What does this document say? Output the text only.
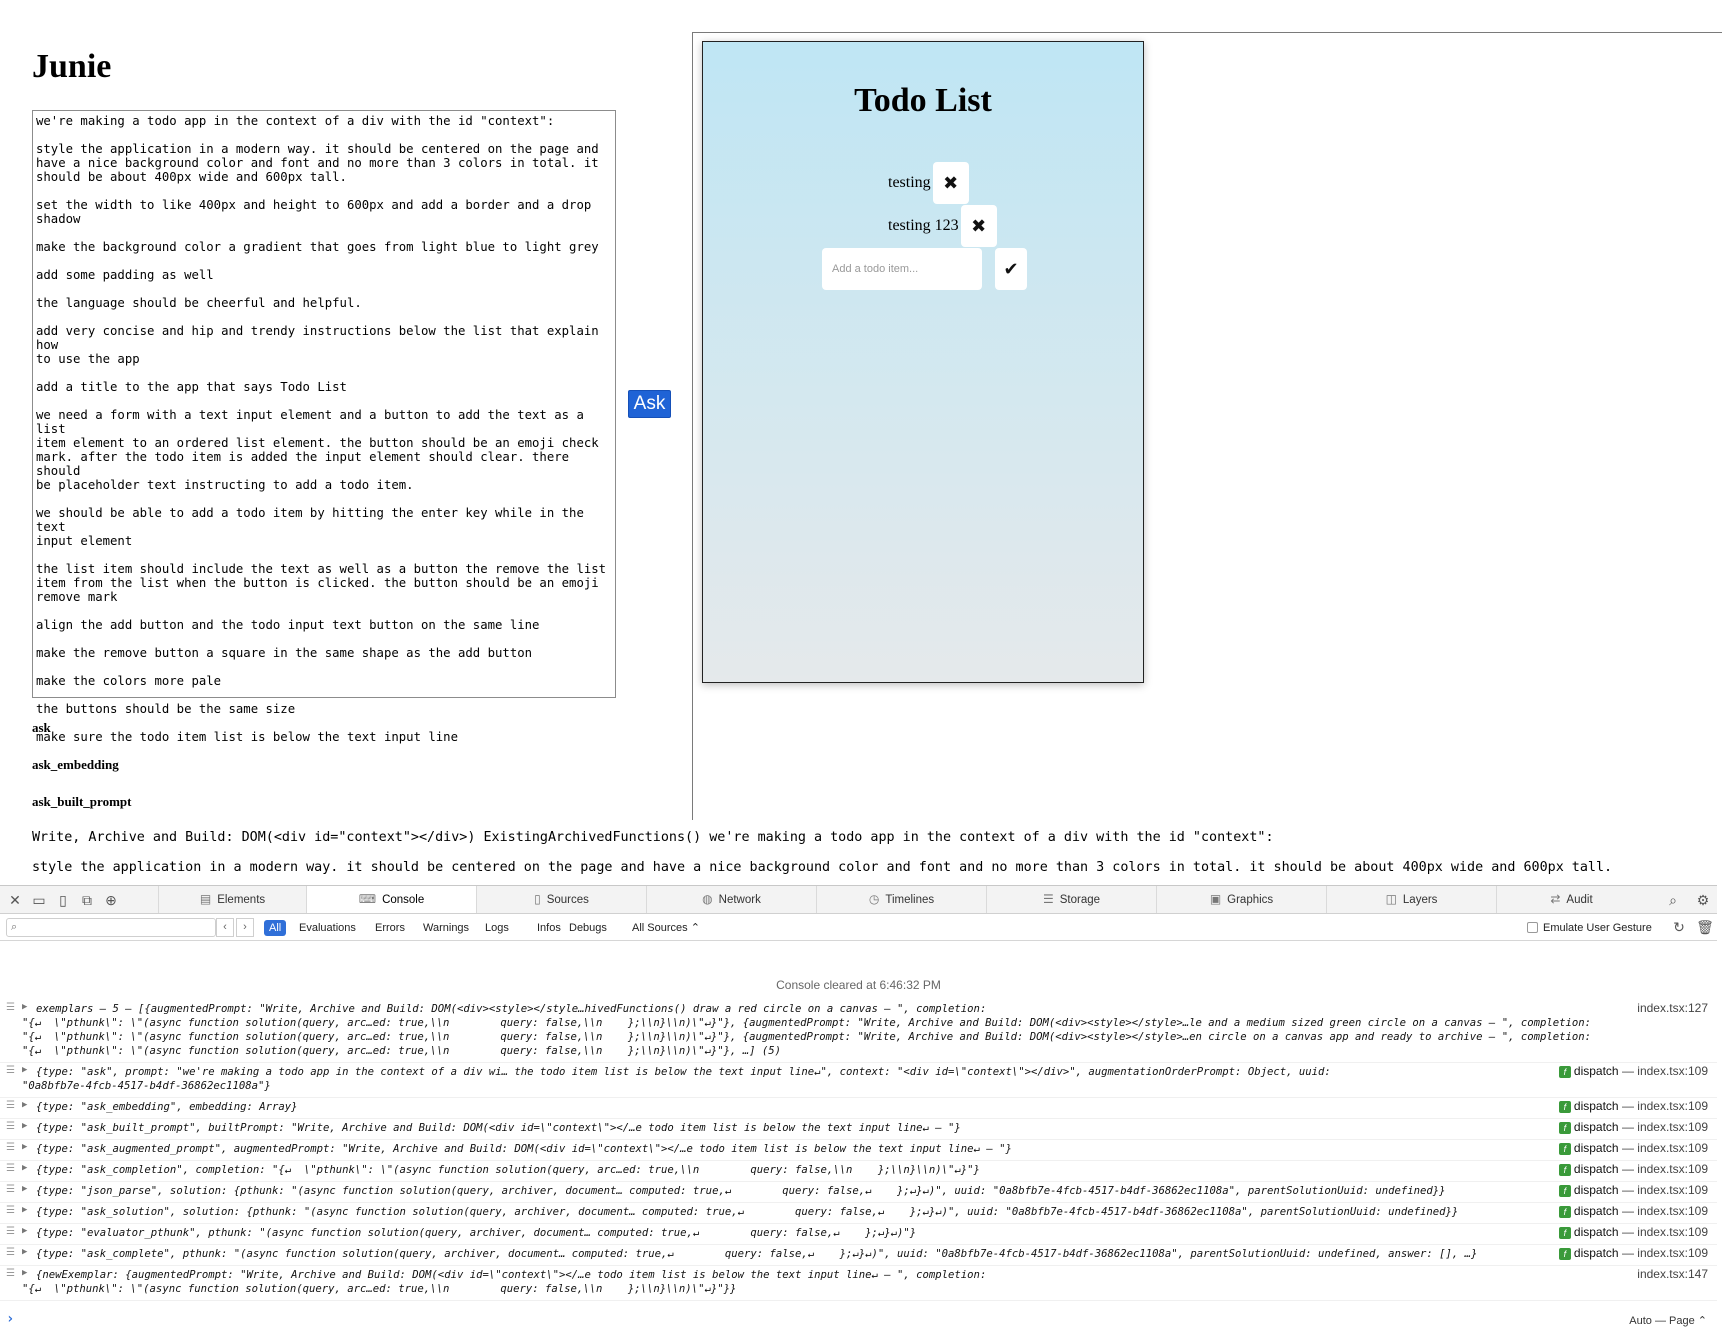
Junie
we're making a todo app in the context of a div with the id "context":

style the application in a modern way. it should be centered on the page and
have a nice background color and font and no more than 3 colors in total. it
should be about 400px wide and 600px tall.

set the width to like 400px and height to 600px and add a border and a drop
shadow

make the background color a gradient that goes from light blue to light grey

add some padding as well

the language should be cheerful and helpful.

add very concise and hip and trendy instructions below the list that explain how
to use the app

add a title to the app that says Todo List

we need a form with a text input element and a button to add the text as a list
item element to an ordered list element. the button should be an emoji check
mark. after the todo item is added the input element should clear. there should
be placeholder text instructing to add a todo item.

we should be able to add a todo item by hitting the enter key while in the text
input element

the list item should include the text as well as a button the remove the list
item from the list when the button is clicked. the button should be an emoji
remove mark

align the add button and the todo input text button on the same line

make the remove button a square in the same shape as the add button

make the colors more pale

the buttons should be the same size

make sure the todo item list is below the text input line
Ask

ask

ask_embedding

ask_built_prompt

Todo List
testing ✖
testing 123 ✖
Add a todo item...	✔

Write, Archive and Build: DOM(<div id="context"></div>) ExistingArchivedFunctions() we're making a todo app in the context of a div with the id "context":

style the application in a modern way. it should be centered on the page and have a nice background color and font and no more than 3 colors in total. it should be about 400px wide and 600px tall.

✕ ▭ ▯	⧉ ⊕	▤ Elements	⌨ Console	▯ Sources	◍ Network	◷ Timelines	☰ Storage	▣ Graphics	◫ Layers	⇄ Audit	⌕	⚙
⌕	‹	›	All	Evaluations	Errors	Warnings	Logs	Infos Debugs	All Sources ⌃	Emulate User Gesture ↻ 🗑
Console cleared at 6:46:32 PM
☰ ▶ exemplars – 5 – [{augmentedPrompt: "Write, Archive and Build: DOM(<div><style></style…hivedFunctions() draw a red circle on a canvas – ", completion:
"{↵  \"pthunk\": \"(async function solution(query, arc…ed: true,\\n        query: false,\\n    };\\n}\\n)\"↵}"}, {augmentedPrompt: "Write, Archive and Build: DOM(<div><style></style>…le and a medium sized green circle on a canvas – ", completion:
"{↵  \"pthunk\": \"(async function solution(query, arc…ed: true,\\n        query: false,\\n    };\\n}\\n)\"↵}"}, {augmentedPrompt: "Write, Archive and Build: DOM(<div><style></style>…en circle on a canvas app and ready to archive – ", completion:
"{↵  \"pthunk\": \"(async function solution(query, arc…ed: true,\\n        query: false,\\n    };\\n}\\n)\"↵}"}, …] (5)
index.tsx:127
☰ ▶ {type: "ask", prompt: "we're making a todo app in the context of a div wi… the todo item list is below the text input line↵", context: "<div id=\"context\"></div>", augmentationOrderPrompt: Object, uuid:
"0a8bfb7e-4fcb-4517-b4df-36862ec1108a"}
f dispatch — index.tsx:109
☰ ▶ {type: "ask_embedding", embedding: Array}	f dispatch — index.tsx:109
☰ ▶ {type: "ask_built_prompt", builtPrompt: "Write, Archive and Build: DOM(<div id=\"context\"></…e todo item list is below the text input line↵ – "}	f dispatch — index.tsx:109
☰ ▶ {type: "ask_augmented_prompt", augmentedPrompt: "Write, Archive and Build: DOM(<div id=\"context\"></…e todo item list is below the text input line↵ – "}	f dispatch — index.tsx:109
☰ ▶ {type: "ask_completion", completion: "{↵  \"pthunk\": \"(async function solution(query, arc…ed: true,\\n        query: false,\\n    };\\n}\\n)\"↵}"}	f dispatch — index.tsx:109
☰ ▶ {type: "json_parse", solution: {pthunk: "(async function solution(query, archiver, document… computed: true,↵        query: false,↵    };↵}↵)", uuid: "0a8bfb7e-4fcb-4517-b4df-36862ec1108a", parentSolutionUuid: undefined}}	f dispatch — index.tsx:109
☰ ▶ {type: "ask_solution", solution: {pthunk: "(async function solution(query, archiver, document… computed: true,↵        query: false,↵    };↵}↵)", uuid: "0a8bfb7e-4fcb-4517-b4df-36862ec1108a", parentSolutionUuid: undefined}}	f dispatch — index.tsx:109
☰ ▶ {type: "evaluator_pthunk", pthunk: "(async function solution(query, archiver, document… computed: true,↵        query: false,↵    };↵}↵)"}	f dispatch — index.tsx:109
☰ ▶ {type: "ask_complete", pthunk: "(async function solution(query, archiver, document… computed: true,↵        query: false,↵    };↵}↵)", uuid: "0a8bfb7e-4fcb-4517-b4df-36862ec1108a", parentSolutionUuid: undefined, answer: [], …}	f dispatch — index.tsx:109
☰ ▶ {newExemplar: {augmentedPrompt: "Write, Archive and Build: DOM(<div id=\"context\"></…e todo item list is below the text input line↵ – ", completion:
"{↵  \"pthunk\": \"(async function solution(query, arc…ed: true,\\n        query: false,\\n    };\\n}\\n)\"↵}"}}
index.tsx:147
›	Auto — Page ⌃
